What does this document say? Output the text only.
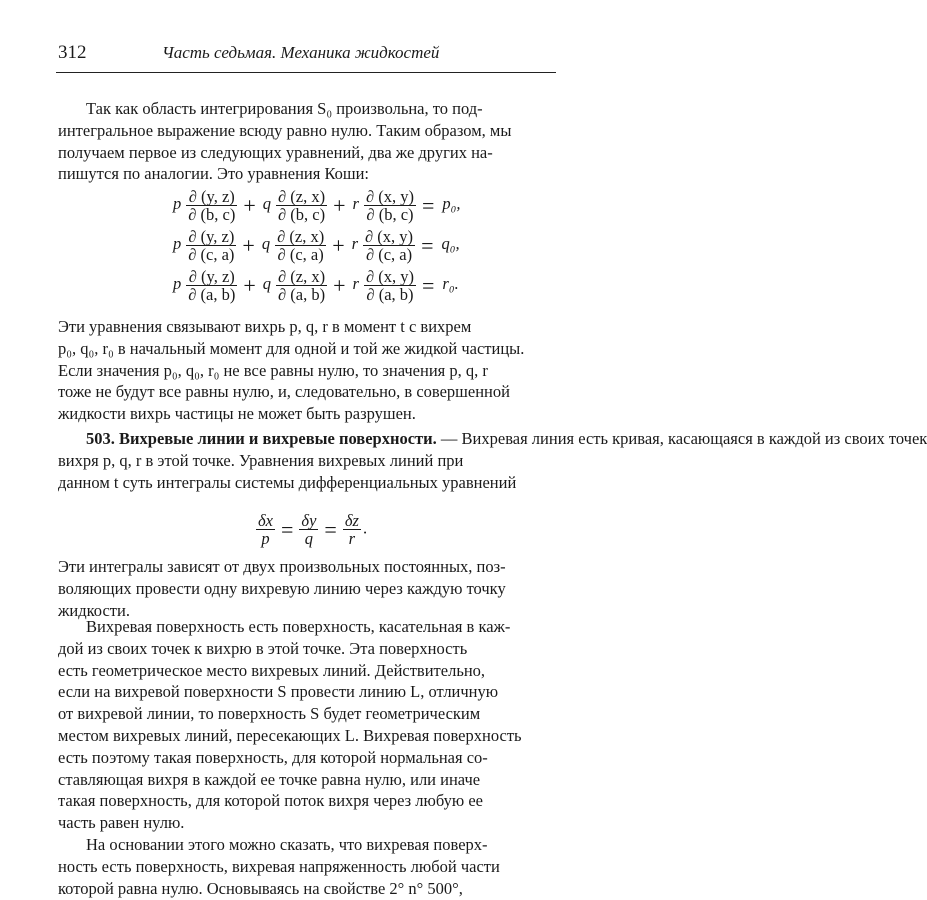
312	Часть седьмая. Механика жидкостей
Так как область интегрирования S₀ произвольна, то под-
интегральное выражение всюду равно нулю. Таким образом, мы
получаем первое из следующих уравнений, два же других на-
пишутся по аналогии. Это уравнения Коши:
p $\frac{\partial (y, z)}{\partial (b, c)} + q \frac{\partial (z, x)}{\partial (b, c)} + r \frac{\partial (x, y)}{\partial (b, c)} = p_0$,
p $\frac{\partial (y, z)}{\partial (c, a)} + q \frac{\partial (z, x)}{\partial (c, a)} + r \frac{\partial (x, y)}{\partial (c, a)} = q_0$,
p $\frac{\partial (y, z)}{\partial (a, b)} + q \frac{\partial (z, x)}{\partial (a, b)} + r \frac{\partial (x, y)}{\partial (a, b)} = r_0$.
Эти уравнения связывают вихрь p, q, r в момент t с вихрем
p₀, q₀, r₀ в начальный момент для одной и той же жидкой частицы.
Если значения p₀, q₀, r₀ не все равны нулю, то значения p, q, r
тоже не будут все равны нулю, и, следовательно, в совершенной
жидкости вихрь частицы не может быть разрушен.
503. Вихревые линии и вихревые поверхности. — Вихревая линия есть кривая, касающаяся в каждой из своих точек
вихря p, q, r в этой точке. Уравнения вихревых линий при
данном t суть интегралы системы дифференциальных уравнений
$\frac{\delta x}{p} = \frac{\delta y}{q} = \frac{\delta z}{r}$ .
Эти интегралы зависят от двух произвольных постоянных, поз-
воляющих провести одну вихревую линию через каждую точку
жидкости.
Вихревая поверхность есть поверхность, касательная в каж-
дой из своих точек к вихрю в этой точке. Эта поверхность
есть геометрическое место вихревых линий. Действительно,
если на вихревой поверхности S провести линию L, отличную
от вихревой линии, то поверхность S будет геометрическим
местом вихревых линий, пересекающих L. Вихревая поверхность
есть поэтому такая поверхность, для которой нормальная со-
ставляющая вихря в каждой ее точке равна нулю, или иначе
такая поверхность, для которой поток вихря через любую ее
часть равен нулю.
На основании этого можно сказать, что вихревая поверх-
ность есть поверхность, вихревая напряженность любой части
которой равна нулю. Основываясь на свойстве 2° n° 500°,
